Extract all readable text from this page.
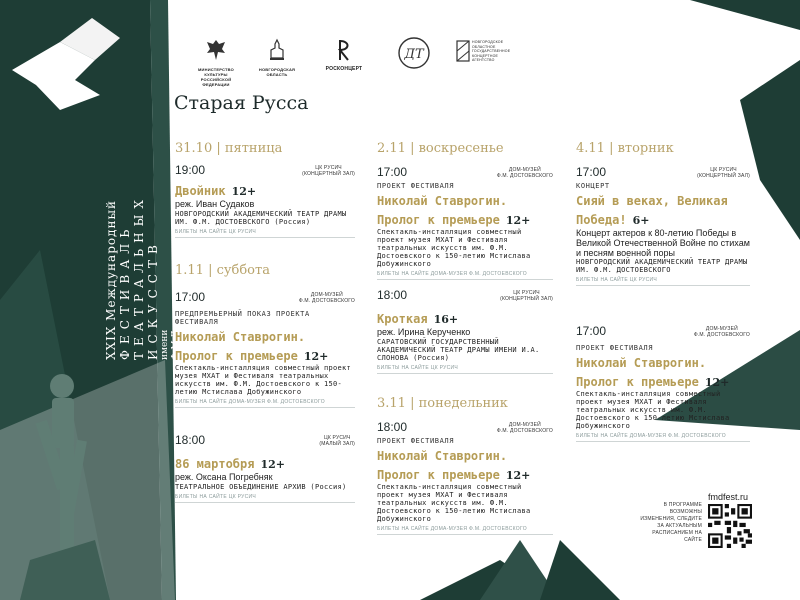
МИНИСТЕРСТВО КУЛЬТУРЫ РОССИЙСКОЙ ФЕДЕРАЦИИ
НОВГОРОДСКАЯ ОБЛАСТЬ
РОСКОНЦЕРТ
ДТ
НОВГОРОДСКОЕ ОБЛАСТНОЕ ГОСУДАРСТВЕННОЕ КОНЦЕРТНОЕ АГЕНТСТВО
XXIX Международный ФЕСТИВАЛЬ ТЕАТРАЛЬНЫХ ИСКУССТВ имени Ф.М.Достоевского
Старая Русса
31.10 | пятница
1.11 | суббота
2.11 | воскресенье
3.11 | понедельник
4.11 | вторник
19:00	ЦК РУСИЧ
(КОНЦЕРТНЫЙ ЗАЛ)
Двойник 12+
реж. Иван Судаков
НОВГОРОДСКИЙ АКАДЕМИЧЕСКИЙ ТЕАТР ДРАМЫ ИМ. Ф.М. ДОСТОЕВСКОГО (Россия)
БИЛЕТЫ НА САЙТЕ ЦК РУСИЧ
17:00	ДОМ-МУЗЕЙ
Ф.М. ДОСТОЕВСКОГО
ПРЕДПРЕМЬЕРНЫЙ ПОКАЗ ПРОЕКТА ФЕСТИВАЛЯ
Николай Ставрогин. Пролог к премьере 12+
Спектакль-инсталляция совместный проект музея МХАТ и Фестиваля театральных искусств им. Ф.М. Достоевского к 150-летию Мстислава Добужинского
БИЛЕТЫ НА САЙТЕ ДОМА-МУЗЕЯ Ф.М. ДОСТОЕВСКОГО
18:00	ЦК РУСИЧ
(МАЛЫЙ ЗАЛ)
86 мартобря 12+
реж. Оксана Погребняк
ТЕАТРАЛЬНОЕ ОБЪЕДИНЕНИЕ АРХИВ (Россия)
БИЛЕТЫ НА САЙТЕ ЦК РУСИЧ
17:00	ДОМ-МУЗЕЙ
Ф.М. ДОСТОЕВСКОГО
ПРОЕКТ ФЕСТИВАЛЯ
Николай Ставрогин. Пролог к премьере 12+
Спектакль-инсталляция совместный проект музея МХАТ и Фестиваля театральных искусств им. Ф.М. Достоевского к 150-летию Мстислава Добужинского
БИЛЕТЫ НА САЙТЕ ДОМА-МУЗЕЯ Ф.М. ДОСТОЕВСКОГО
18:00	ЦК РУСИЧ
(КОНЦЕРТНЫЙ ЗАЛ)
Кроткая 16+
реж. Ирина Керученко
САРАТОВСКИЙ ГОСУДАРСТВЕННЫЙ АКАДЕМИЧЕСКИЙ ТЕАТР ДРАМЫ ИМЕНИ И.А. СЛОНОВА (Россия)
БИЛЕТЫ НА САЙТЕ ЦК РУСИЧ
18:00	ДОМ-МУЗЕЙ
Ф.М. ДОСТОЕВСКОГО
ПРОЕКТ ФЕСТИВАЛЯ
Николай Ставрогин. Пролог к премьере 12+
Спектакль-инсталляция совместный проект музея МХАТ и Фестиваля театральных искусств им. Ф.М. Достоевского к 150-летию Мстислава Добужинского
БИЛЕТЫ НА САЙТЕ ДОМА-МУЗЕЯ Ф.М. ДОСТОЕВСКОГО
17:00	ЦК РУСИЧ
(КОНЦЕРТНЫЙ ЗАЛ)
КОНЦЕРТ
Сияй в веках, Великая Победа! 6+
Концерт актеров к 80-летию Победы в Великой Отечественной Войне по стихам и песням военной поры
НОВГОРОДСКИЙ АКАДЕМИЧЕСКИЙ ТЕАТР ДРАМЫ ИМ. Ф.М. ДОСТОЕВСКОГО
БИЛЕТЫ НА САЙТЕ ЦК РУСИЧ
17:00	ДОМ-МУЗЕЙ
Ф.М. ДОСТОЕВСКОГО
ПРОЕКТ ФЕСТИВАЛЯ
Николай Ставрогин. Пролог к премьере 12+
Спектакль-инсталляция совместный проект музея МХАТ и Фестиваля театральных искусств им. Ф.М. Достоевского к 150-летию Мстислава Добужинского
БИЛЕТЫ НА САЙТЕ ДОМА-МУЗЕЯ Ф.М. ДОСТОЕВСКОГО
fmdfest.ru
В ПРОГРАММЕ ВОЗМОЖНЫ ИЗМЕНЕНИЯ, СЛЕДИТЕ ЗА АКТУАЛЬНЫМ РАСПИСАНИЕМ НА САЙТЕ
